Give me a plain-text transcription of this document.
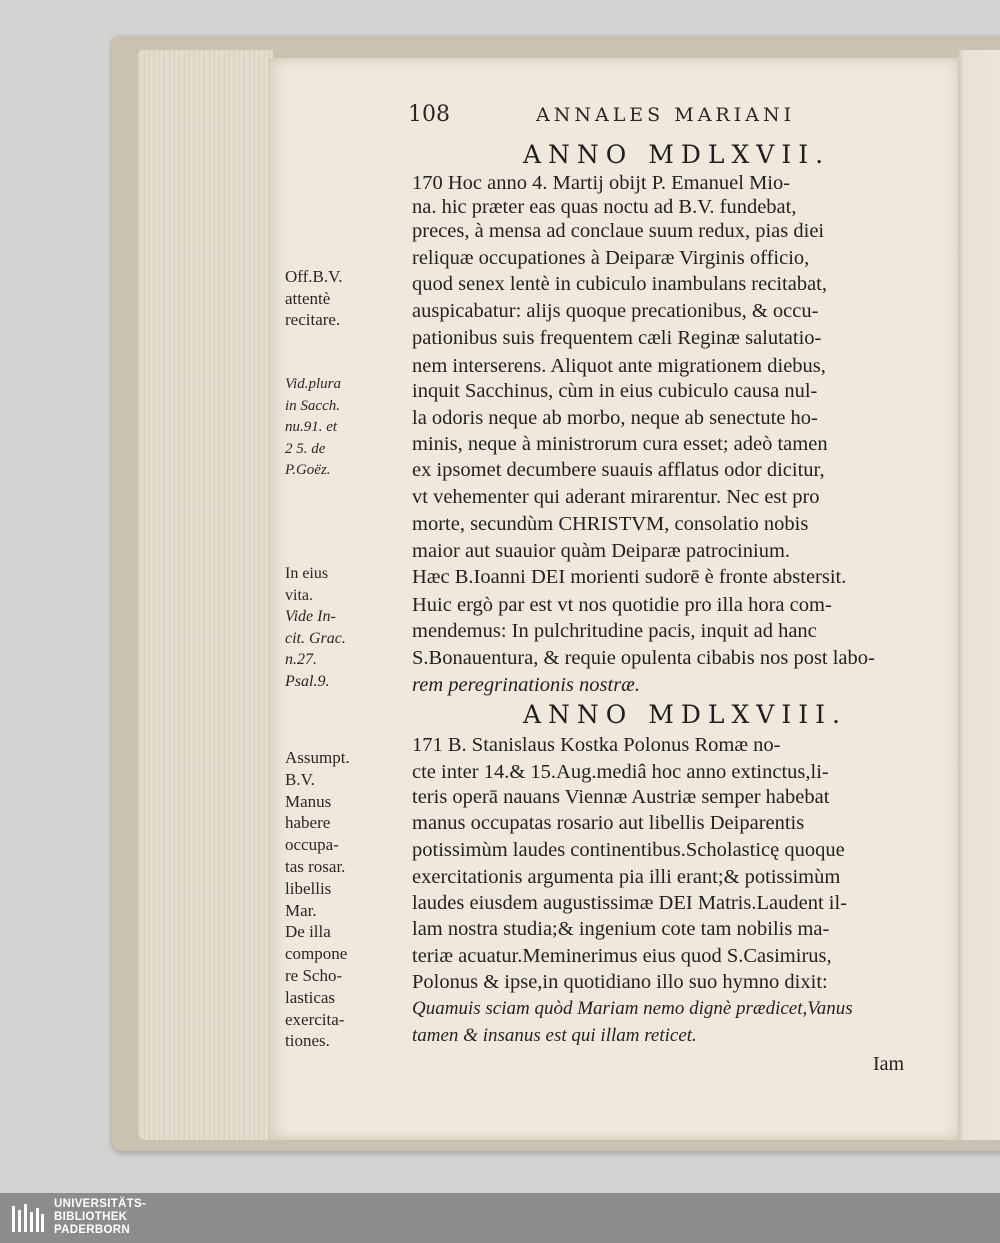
108	ANNALES MARIANI
ANNO MDLXVII.
170 Hoc anno 4. Martij obijt P. Emanuel Mio-
na. hic præter eas quas noctu ad B.V. fundebat,
preces, à mensa ad conclaue suum redux, pias diei
reliquæ occupationes à Deiparæ Virginis officio,
quod senex lentè in cubiculo inambulans recitabat,
auspicabatur: alijs quoque precationibus, & occu-
pationibus suis frequentem cæli Reginæ salutatio-
nem interserens. Aliquot ante migrationem diebus,
inquit Sacchinus, cùm in eius cubiculo causa nul-
la odoris neque ab morbo, neque ab senectute ho-
minis, neque à ministrorum cura esset; adeò tamen
ex ipsomet decumbere suauis afflatus odor dicitur,
vt vehementer qui aderant mirarentur. Nec est pro
morte, secundùm CHRISTVM, consolatio nobis
maior aut suauior quàm Deiparæ patrocinium.
Hæc B.Ioanni DEI morienti sudorē è fronte abstersit.
Huic ergò par est vt nos quotidie pro illa hora com-
mendemus: In pulchritudine pacis, inquit ad hanc
S.Bonauentura, & requie opulenta cibabis nos post labo-
rem peregrinationis nostræ.
ANNO MDLXVIII.
171 B. Stanislaus Kostka Polonus Romæ no-
cte inter 14.& 15.Aug.mediâ hoc anno extinctus,li-
teris operā nauans Viennæ Austriæ semper habebat
manus occupatas rosario aut libellis Deiparentis
potissimùm laudes continentibus.Scholasticę quoque
exercitationis argumenta pia illi erant;& potissimùm
laudes eiusdem augustissimæ DEI Matris.Laudent il-
lam nostra studia;& ingenium cote tam nobilis ma-
teriæ acuatur.Meminerimus eius quod S.Casimirus,
Polonus & ipse,in quotidiano illo suo hymno dixit:
Quamuis sciam quòd Mariam nemo dignè prædicet,Vanus
tamen & insanus est qui illam reticet.
Off.B.V.
attentè
recitare.
Vid.plura
in Sacch.
nu.91. et
2 5. de
P.Goëz.
In eius
vita.
Vide In-
cit. Grac.
n.27.
Psal.9.
Assumpt.
B.V.
Manus
habere
occupa-
tas rosar.
libellis
Mar.
De illa
compone
re Scho-
lasticas
exercita-
tiones.
Iam
UNIVERSITÄTS-
BIBLIOTHEK
PADERBORN
